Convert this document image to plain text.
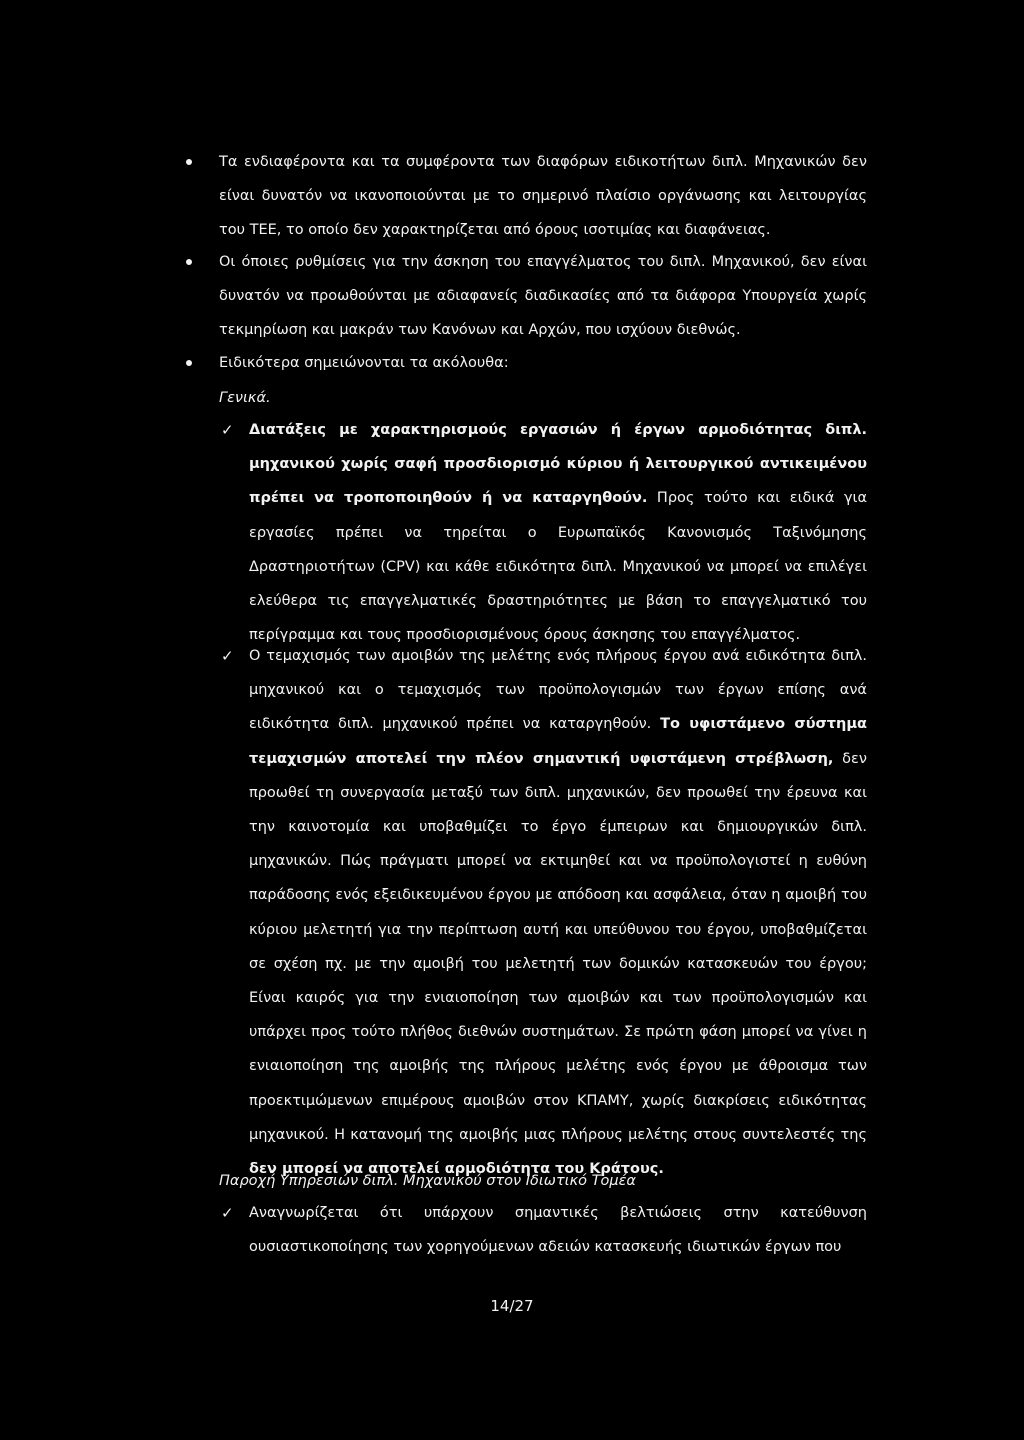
Τα ενδιαφέροντα και τα συμφέροντα των διαφόρων ειδικοτήτων διπλ. Μηχανικών δεν είναι δυνατόν να ικανοποιούνται με το σημερινό πλαίσιο οργάνωσης και λειτουργίας του ΤΕΕ, το οποίο δεν χαρακτηρίζεται από όρους ισοτιμίας και διαφάνειας.
Οι όποιες ρυθμίσεις για την άσκηση του επαγγέλματος του διπλ. Μηχανικού, δεν είναι δυνατόν να προωθούνται με αδιαφανείς διαδικασίες από τα διάφορα Υπουργεία χωρίς τεκμηρίωση και μακράν των Κανόνων και Αρχών, που ισχύουν διεθνώς.
Ειδικότερα σημειώνονται τα ακόλουθα:
Γενικά.
✓ Διατάξεις με χαρακτηρισμούς εργασιών ή έργων αρμοδιότητας διπλ. μηχανικού χωρίς σαφή προσδιορισμό κύριου ή λειτουργικού αντικειμένου πρέπει να τροποποιηθούν ή να καταργηθούν. Προς τούτο και ειδικά για εργασίες πρέπει να τηρείται ο Ευρωπαϊκός Κανονισμός Ταξινόμησης Δραστηριοτήτων (CPV) και κάθε ειδικότητα διπλ. Μηχανικού να μπορεί να επιλέγει ελεύθερα τις επαγγελματικές δραστηριότητες με βάση το επαγγελματικό του περίγραμμα και τους προσδιορισμένους όρους άσκησης του επαγγέλματος.
✓ Ο τεμαχισμός των αμοιβών της μελέτης ενός πλήρους έργου ανά ειδικότητα διπλ. μηχανικού και ο τεμαχισμός των προϋπολογισμών των έργων επίσης ανά ειδικότητα διπλ. μηχανικού πρέπει να καταργηθούν. Το υφιστάμενο σύστημα τεμαχισμών αποτελεί την πλέον σημαντική υφιστάμενη στρέβλωση, δεν προωθεί τη συνεργασία μεταξύ των διπλ. μηχανικών, δεν προωθεί την έρευνα και την καινοτομία και υποβαθμίζει το έργο έμπειρων και δημιουργικών διπλ. μηχανικών. Πώς πράγματι μπορεί να εκτιμηθεί και να προϋπολογιστεί η ευθύνη παράδοσης ενός εξειδικευμένου έργου με απόδοση και ασφάλεια, όταν η αμοιβή του κύριου μελετητή για την περίπτωση αυτή και υπεύθυνου του έργου, υποβαθμίζεται σε σχέση πχ. με την αμοιβή του μελετητή των δομικών κατασκευών του έργου; Είναι καιρός για την ενιαιοποίηση των αμοιβών και των προϋπολογισμών και υπάρχει προς τούτο πλήθος διεθνών συστημάτων. Σε πρώτη φάση μπορεί να γίνει η ενιαιοποίηση της αμοιβής της πλήρους μελέτης ενός έργου με άθροισμα των προεκτιμώμενων επιμέρους αμοιβών στον ΚΠΑΜΥ, χωρίς διακρίσεις ειδικότητας μηχανικού. Η κατανομή της αμοιβής μιας πλήρους μελέτης στους συντελεστές της δεν μπορεί να αποτελεί αρμοδιότητα του Κράτους.
Παροχή Υπηρεσιών διπλ. Μηχανικού στον Ιδιωτικό Τομέα
✓ Αναγνωρίζεται ότι υπάρχουν σημαντικές βελτιώσεις στην κατεύθυνση ουσιαστικοποίησης των χορηγούμενων αδειών κατασκευής ιδιωτικών έργων που
14/27
